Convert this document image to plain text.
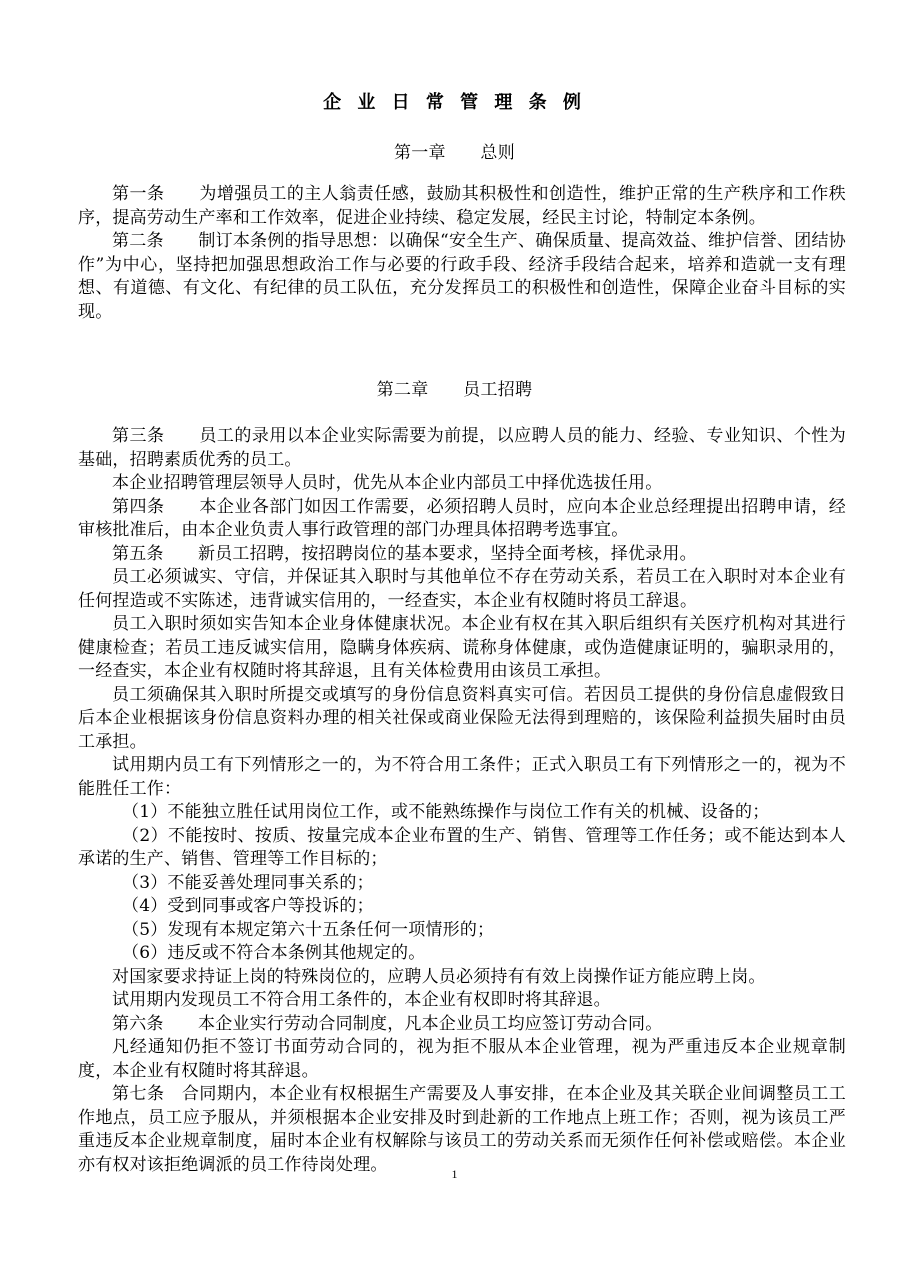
企 业 日 常 管 理 条 例
第一章　　总则

第一条　　为增强员工的主人翁责任感，鼓励其积极性和创造性，维护正常的生产秩序和工作秩序，提高劳动生产率和工作效率，促进企业持续、稳定发展，经民主讨论，特制定本条例。

第二条　　制订本条例的指导思想：以确保“安全生产、确保质量、提高效益、维护信誉、团结协作”为中心，坚持把加强思想政治工作与必要的行政手段、经济手段结合起来，培养和造就一支有理想、有道德、有文化、有纪律的员工队伍，充分发挥员工的积极性和创造性，保障企业奋斗目标的实现。

第二章　　员工招聘

第三条　　员工的录用以本企业实际需要为前提，以应聘人员的能力、经验、专业知识、个性为基础，招聘素质优秀的员工。

本企业招聘管理层领导人员时，优先从本企业内部员工中择优选拔任用。

第四条　　本企业各部门如因工作需要，必须招聘人员时，应向本企业总经理提出招聘申请，经审核批准后，由本企业负责人事行政管理的部门办理具体招聘考选事宜。

第五条　　新员工招聘，按招聘岗位的基本要求，坚持全面考核，择优录用。

员工必须诚实、守信，并保证其入职时与其他单位不存在劳动关系，若员工在入职时对本企业有任何捏造或不实陈述，违背诚实信用的，一经查实，本企业有权随时将员工辞退。

员工入职时须如实告知本企业身体健康状况。本企业有权在其入职后组织有关医疗机构对其进行健康检查；若员工违反诚实信用，隐瞒身体疾病、谎称身体健康，或伪造健康证明的，骗职录用的，一经查实，本企业有权随时将其辞退，且有关体检费用由该员工承担。

员工须确保其入职时所提交或填写的身份信息资料真实可信。若因员工提供的身份信息虚假致日后本企业根据该身份信息资料办理的相关社保或商业保险无法得到理赔的，该保险利益损失届时由员工承担。

试用期内员工有下列情形之一的，为不符合用工条件；正式入职员工有下列情形之一的，视为不能胜任工作：

（1）不能独立胜任试用岗位工作，或不能熟练操作与岗位工作有关的机械、设备的；

（2）不能按时、按质、按量完成本企业布置的生产、销售、管理等工作任务；或不能达到本人承诺的生产、销售、管理等工作目标的；

（3）不能妥善处理同事关系的；

（4）受到同事或客户等投诉的；

（5）发现有本规定第六十五条任何一项情形的；

（6）违反或不符合本条例其他规定的。

对国家要求持证上岗的特殊岗位的，应聘人员必须持有有效上岗操作证方能应聘上岗。

试用期内发现员工不符合用工条件的，本企业有权即时将其辞退。

第六条　　本企业实行劳动合同制度，凡本企业员工均应签订劳动合同。

凡经通知仍拒不签订书面劳动合同的，视为拒不服从本企业管理，视为严重违反本企业规章制度，本企业有权随时将其辞退。

第七条　合同期内，本企业有权根据生产需要及人事安排，在本企业及其关联企业间调整员工工作地点，员工应予服从，并须根据本企业安排及时到赴新的工作地点上班工作；否则，视为该员工严重违反本企业规章制度，届时本企业有权解除与该员工的劳动关系而无须作任何补偿或赔偿。本企业亦有权对该拒绝调派的员工作待岗处理。	1
